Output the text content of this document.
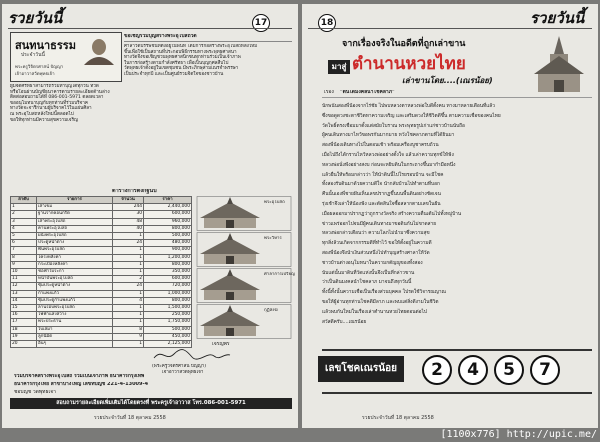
รวยวันนี้	17
สนทนาธรรม
ประจำวันนี้
พระครูวิจิตรศาสน์ ปัญญา
เจ้าอาวาสวัดพุทธเจ้า
ขอเชิญร่วมบุญสร้างพระอุโบสถวัด
ศาลาวัดบรรพชนที่ตั้งอยู่ในพื้นที่ ได้มีการก่อสร้างพระอุโบสถหลังใหม่
ขึ้นเพื่อใช้เป็นสถานที่ประกอบพิธีกรรมทางพระพุทธศาสนา
ทางวัดจึงขอเชิญชวนพุทธศาสนิกชนทุกท่านร่วมเป็นเจ้าภาพ
ในการก่อสร้างตามกำลังศรัทธา เพื่อเป็นบุญกุศลสืบไป
วัดพุทธเจ้าตั้งอยู่ในเขตชุมชน มีพระภิกษุสามเณรจำพรรษา
เป็นประจำทุกปี และเป็นศูนย์รวมจิตใจของชาวบ้าน
ผู้มีจิตศรัทธาสามารถร่วมทำบุญได้ทุกวัน ที่วัด
หรือโอนผ่านบัญชีธนาคารตามรายละเอียดด้านล่าง
ติดต่อสอบถามได้ที่ 086-001-5971 ตลอดเวลา
ขออนุโมทนาบุญกับทุกท่านที่ร่วมบริจาค
ทางวัดจะจารึกนามผู้บริจาคไว้ในแผ่นศิลา
ณ พระอุโบสถหลังใหม่นี้ตลอดไป
ขอให้ทุกท่านมีความสุขความเจริญ
ตารางการตั้งกฐินปี
ลำดับ	รายการ	จำนวน	ราคา
1	เสาเข็ม	244	2,440,000
2	ฐานรากคอนกรีต	30	600,000
3	เสาพระอุโบสถ	48	960,000
4	คานพระอุโบสถ	40	800,000
5	ผนังพระอุโบสถ	1	500,000
6	ประตูหน้าต่าง	24	480,000
7	พื้นพระอุโบสถ	1	900,000
8	โครงหลังคา	1	1,200,000
9	กระเบื้องหลังคา	1	800,000
10	ช่อฟ้าใบระกา	1	350,000
11	หน้าบันพระอุโบสถ	2	600,000
12	ซุ้มประตูหน้าต่าง	24	720,000
13	กำแพงแก้ว	1	1,000,000
14	ซุ้มประตูกำแพงแก้ว	4	800,000
15	ลานรอบพระอุโบสถ	1	1,500,000
16	ไฟฟ้าแสงสว่าง	1	250,000
17	พระประธาน	1	1,750,000
18	ใบเสมา	8	500,000
19	ลูกนิมิต	9	450,000
20	อื่นๆ	1	2,125,000
พระอุโบสถ
พระวิหาร
ศาลาการเปรียญ
กุฏิสงฆ์
เจริญพร
(พระครูวิจิตรศาสน์ ปัญญา)
เจ้าอาวาสวัดพุทธเจ้า
ร่วมบริจาคสร้างพระอุโบสถ ร่วมเป็นเจ้าภาพ ธนาคารกรุงเทพ
ธนาคารกรุงไทย สาขาบางใหญ่ เลขที่บัญชี 221-4-13009-4
ชื่อบัญชี วัดพุทธเจ้า
สอบถามรายละเอียดเพิ่มเติมได้โดยตรงที่ พระครูเจ้าอาวาส โทร.086-001-5971
รวยประจำวันที่ 18 ตุลาคม 2558
18	รวยวันนี้
จากเรื่องจริงในอดีตที่ถูกเล่าขาน
มาสู่ ตำนานหวยไทย
เล่าขานโดย....(เณรน้อย)
เรื่อง "ดินได้มงคลนำโชคลาภ"
นักพนันสองพี่น้องจากไร่ชัย ไปพบหลวงตาหลวงพ่อใบดีตั้งคน ทางมาหลายเดือนที่แล้ว
ซึ่งขอดูดวงชะตาชีวิตหาความเจริญ และเสริมดวงให้ชีวิตดีขึ้น ตามความเชื่อของคนไทย
วัดโพธิ์ตรงเชื่อมมาตั้งแต่สมัยโบราณ พระพุทธรูปเก่าแก่ชาวบ้านนับถือ
ผู้คนเดินทางมาไหว้ขอพรกันมากมาย หวังโชคลาภตามที่ได้ยินมา
สองพี่น้องเดินทางไปในตอนเช้า พร้อมเครื่องบูชาครบถ้วน
เมื่อไปถึงได้กราบไหว้หลวงพ่ออย่างตั้งใจ แล้วเล่าความทุกข์ให้ฟัง
หลวงพ่อนั่งฟังอย่างสงบ ก่อนจะหยิบดินในกระถางขึ้นมากำมือหนึ่ง
แล้วยื่นให้พร้อมกล่าวว่า ให้นำดินนี้ไปโรยรอบบ้าน จะมีโชค
ทั้งสองรับดินมาด้วยความดีใจ นำกลับบ้านไปทำตามที่บอก
คืนนั้นเองพี่ชายฝันเห็นเลขปรากฏขึ้นบนพื้นดินอย่างชัดเจน
รุ่งเช้าจึงเล่าให้น้องฟัง และตัดสินใจซื้อสลากตามเลขในฝัน
เมื่อผลออกมาปรากฏว่าถูกรางวัลจริง สร้างความตื่นเต้นไปทั้งหมู่บ้าน
ข่าวแพร่ออกไปจนมีผู้คนเดินทางมาขอดินกันไม่ขาดสาย
หลวงพ่อกล่าวเตือนว่า ความโลภไม่นำมาซึ่งความสุข
ทุกสิ่งล้วนเกิดจากกรรมดีที่ทำไว้ ขอให้ตั้งอยู่ในความดี
สองพี่น้องจึงนำเงินส่วนหนึ่งไปทำบุญสร้างศาลาให้วัด
ชาวบ้านต่างอนุโมทนาในความกตัญญูของทั้งสอง
นับแต่นั้นมาดินที่วัดแห่งนั้นจึงเป็นที่กล่าวขาน
ว่าเป็นดินมงคลนำโชคลาภ มาจนถึงทุกวันนี้
ทั้งนี้ทั้งนั้นความเชื่อเป็นเรื่องส่วนบุคคล โปรดใช้วิจารณญาณ
ขอให้ผู้อ่านทุกท่านโชคดีมีลาภ และพบแต่สิ่งดีงามในชีวิต
แล้วพบกันใหม่ในเรื่องเล่าตำนานหวยไทยตอนต่อไป
สวัสดีครับ....เณรน้อย
เลขโชคเณรน้อย	2	4	5	7
รวยประจำวันที่ 18 ตุลาคม 2558
[1100x776] http://upic.me/
